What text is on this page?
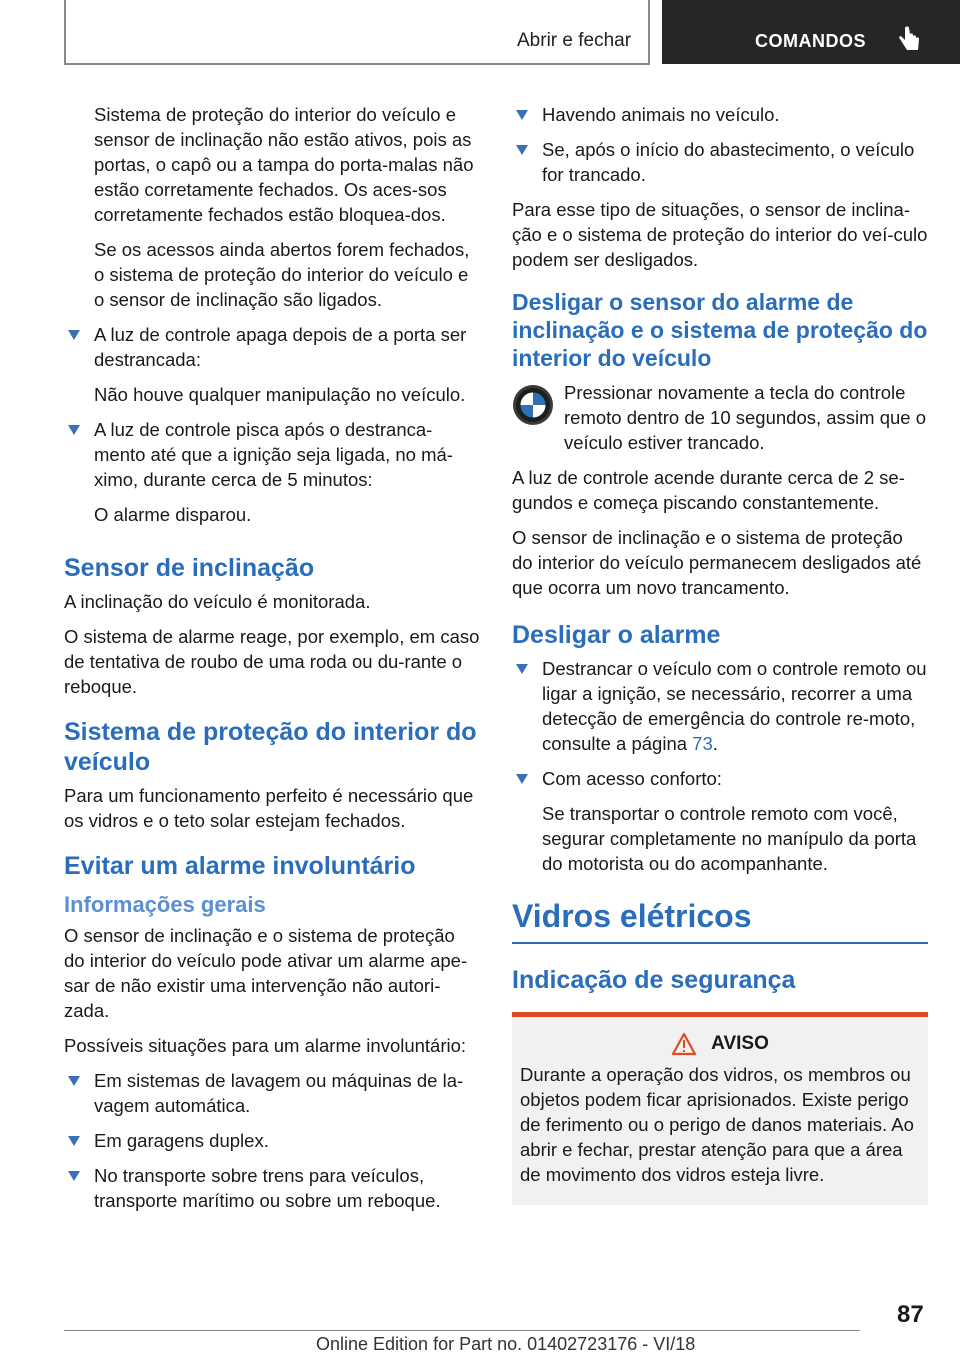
Abrir e fechar	COMANDOS
Sistema de proteção do interior do veículo e sensor de inclinação não estão ativos, pois as portas, o capô ou a tampa do porta-malas não estão corretamente fechados. Os aces-sos corretamente fechados estão bloquea-dos.
Se os acessos ainda abertos forem fechados, o sistema de proteção do interior do veículo e o sensor de inclinação são ligados.
A luz de controle apaga depois de a porta ser destrancada:
Não houve qualquer manipulação no veículo.
A luz de controle pisca após o destranca-mento até que a ignição seja ligada, no má-ximo, durante cerca de 5 minutos:
O alarme disparou.
Sensor de inclinação
A inclinação do veículo é monitorada.
O sistema de alarme reage, por exemplo, em caso de tentativa de roubo de uma roda ou du-rante o reboque.
Sistema de proteção do interior do veículo
Para um funcionamento perfeito é necessário que os vidros e o teto solar estejam fechados.
Evitar um alarme involuntário
Informações gerais
O sensor de inclinação e o sistema de proteção do interior do veículo pode ativar um alarme ape-sar de não existir uma intervenção não autori-zada.
Possíveis situações para um alarme involuntário:
Em sistemas de lavagem ou máquinas de la-vagem automática.
Em garagens duplex.
No transporte sobre trens para veículos, transporte marítimo ou sobre um reboque.
Havendo animais no veículo.
Se, após o início do abastecimento, o veículo for trancado.
Para esse tipo de situações, o sensor de inclina-ção e o sistema de proteção do interior do veí-culo podem ser desligados.
Desligar o sensor do alarme de inclinação e o sistema de proteção do interior do veículo
Pressionar novamente a tecla do controle remoto dentro de 10 segundos, assim que o veículo estiver trancado.
A luz de controle acende durante cerca de 2 se-gundos e começa piscando constantemente.
O sensor de inclinação e o sistema de proteção do interior do veículo permanecem desligados até que ocorra um novo trancamento.
Desligar o alarme
Destrancar o veículo com o controle remoto ou ligar a ignição, se necessário, recorrer a uma detecção de emergência do controle re-moto, consulte a página 73.
Com acesso conforto:
Se transportar o controle remoto com você, segurar completamente no manípulo da porta do motorista ou do acompanhante.
Vidros elétricos
Indicação de segurança
AVISO
Durante a operação dos vidros, os membros ou objetos podem ficar aprisionados. Existe perigo de ferimento ou o perigo de danos materiais. Ao abrir e fechar, prestar atenção para que a área de movimento dos vidros esteja livre.
87
Online Edition for Part no. 01402723176 - VI/18
